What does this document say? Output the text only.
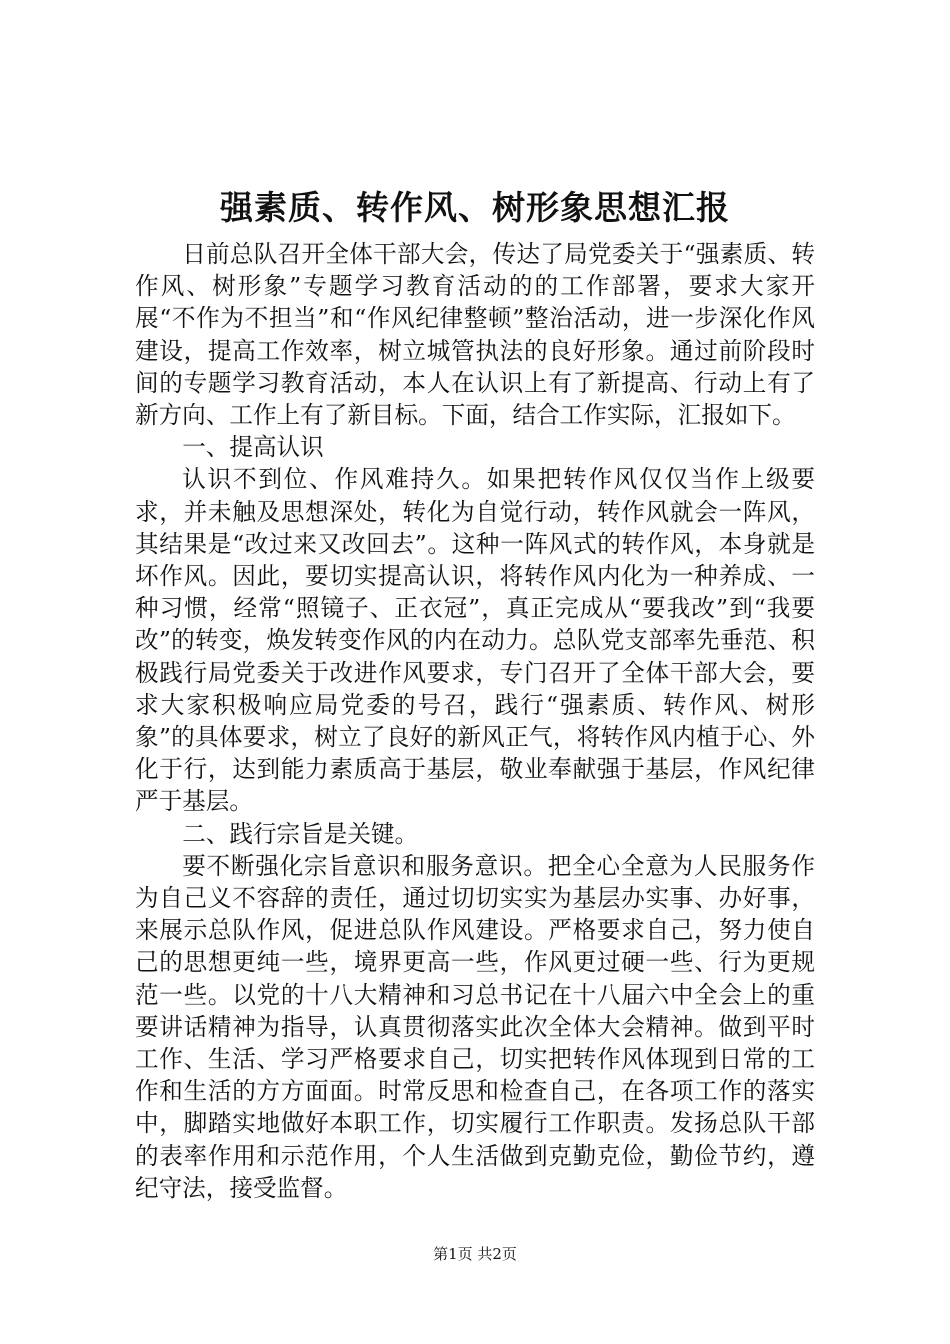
强素质、转作风、树形象思想汇报

日前总队召开全体干部大会，传达了局党委关于“强素质、转作风、树形象”专题学习教育活动的的工作部署，要求大家开展“不作为不担当”和“作风纪律整顿”整治活动，进一步深化作风建设，提高工作效率，树立城管执法的良好形象。通过前阶段时间的专题学习教育活动，本人在认识上有了新提高、行动上有了新方向、工作上有了新目标。下面，结合工作实际，汇报如下。

一、提高认识

认识不到位、作风难持久。如果把转作风仅仅当作上级要求，并未触及思想深处，转化为自觉行动，转作风就会一阵风，其结果是“改过来又改回去”。这种一阵风式的转作风，本身就是坏作风。因此，要切实提高认识，将转作风内化为一种养成、一种习惯，经常“照镜子、正衣冠”，真正完成从“要我改”到“我要改”的转变，焕发转变作风的内在动力。总队党支部率先垂范、积极践行局党委关于改进作风要求，专门召开了全体干部大会，要求大家积极响应局党委的号召，践行“强素质、转作风、树形象”的具体要求，树立了良好的新风正气，将转作风内植于心、外化于行，达到能力素质高于基层，敬业奉献强于基层，作风纪律严于基层。

二、践行宗旨是关键。

要不断强化宗旨意识和服务意识。把全心全意为人民服务作为自己义不容辞的责任，通过切切实实为基层办实事、办好事，来展示总队作风，促进总队作风建设。严格要求自己，努力使自己的思想更纯一些，境界更高一些，作风更过硬一些、行为更规范一些。以党的十八大精神和习总书记在十八届六中全会上的重要讲话精神为指导，认真贯彻落实此次全体大会精神。做到平时工作、生活、学习严格要求自己，切实把转作风体现到日常的工作和生活的方方面面。时常反思和检查自己，在各项工作的落实中，脚踏实地做好本职工作，切实履行工作职责。发扬总队干部的表率作用和示范作用，个人生活做到克勤克俭，勤俭节约，遵纪守法，接受监督。

第1页 共2页
